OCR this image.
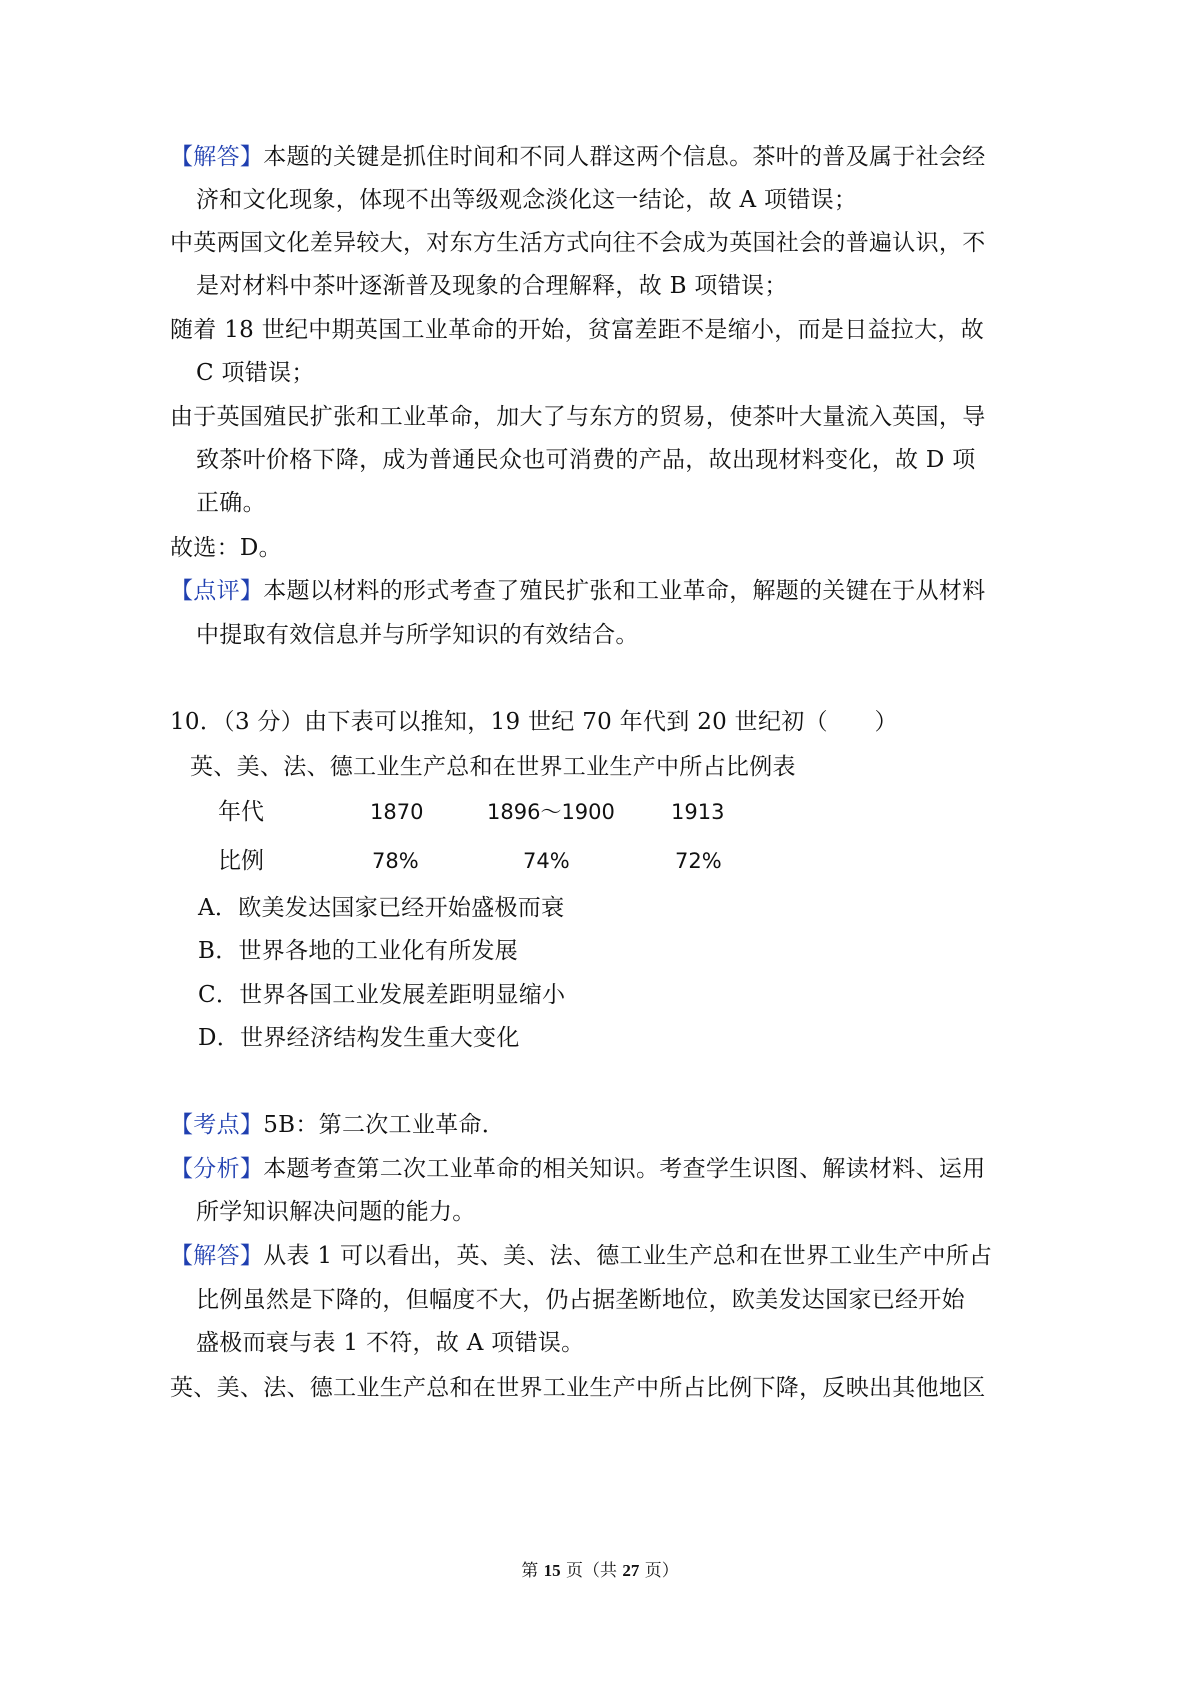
【解答】本题的关键是抓住时间和不同人群这两个信息。茶叶的普及属于社会经
济和文化现象，体现不出等级观念淡化这一结论，故 A 项错误；
中英两国文化差异较大，对东方生活方式向往不会成为英国社会的普遍认识，不
是对材料中茶叶逐渐普及现象的合理解释，故 B 项错误；
随着 18 世纪中期英国工业革命的开始，贫富差距不是缩小，而是日益拉大，故
C 项错误；
由于英国殖民扩张和工业革命，加大了与东方的贸易，使茶叶大量流入英国，导
致茶叶价格下降，成为普通民众也可消费的产品，故出现材料变化，故 D 项
正确。
故选：D。
【点评】本题以材料的形式考查了殖民扩张和工业革命，解题的关键在于从材料
中提取有效信息并与所学知识的有效结合。
10．（3 分）由下表可以推知，19 世纪 70 年代到 20 世纪初（　　）
英、美、法、德工业生产总和在世界工业生产中所占比例表
年代	1870	1896～1900	1913
比例	78%	74%	72%
A．欧美发达国家已经开始盛极而衰
B．世界各地的工业化有所发展
C．世界各国工业发展差距明显缩小
D．世界经济结构发生重大变化
【考点】5B：第二次工业革命．
【分析】本题考查第二次工业革命的相关知识。考查学生识图、解读材料、运用
所学知识解决问题的能力。
【解答】从表 1 可以看出，英、美、法、德工业生产总和在世界工业生产中所占
比例虽然是下降的，但幅度不大，仍占据垄断地位，欧美发达国家已经开始
盛极而衰与表 1 不符，故 A 项错误。
英、美、法、德工业生产总和在世界工业生产中所占比例下降，反映出其他地区
第 15 页（共 27 页）
